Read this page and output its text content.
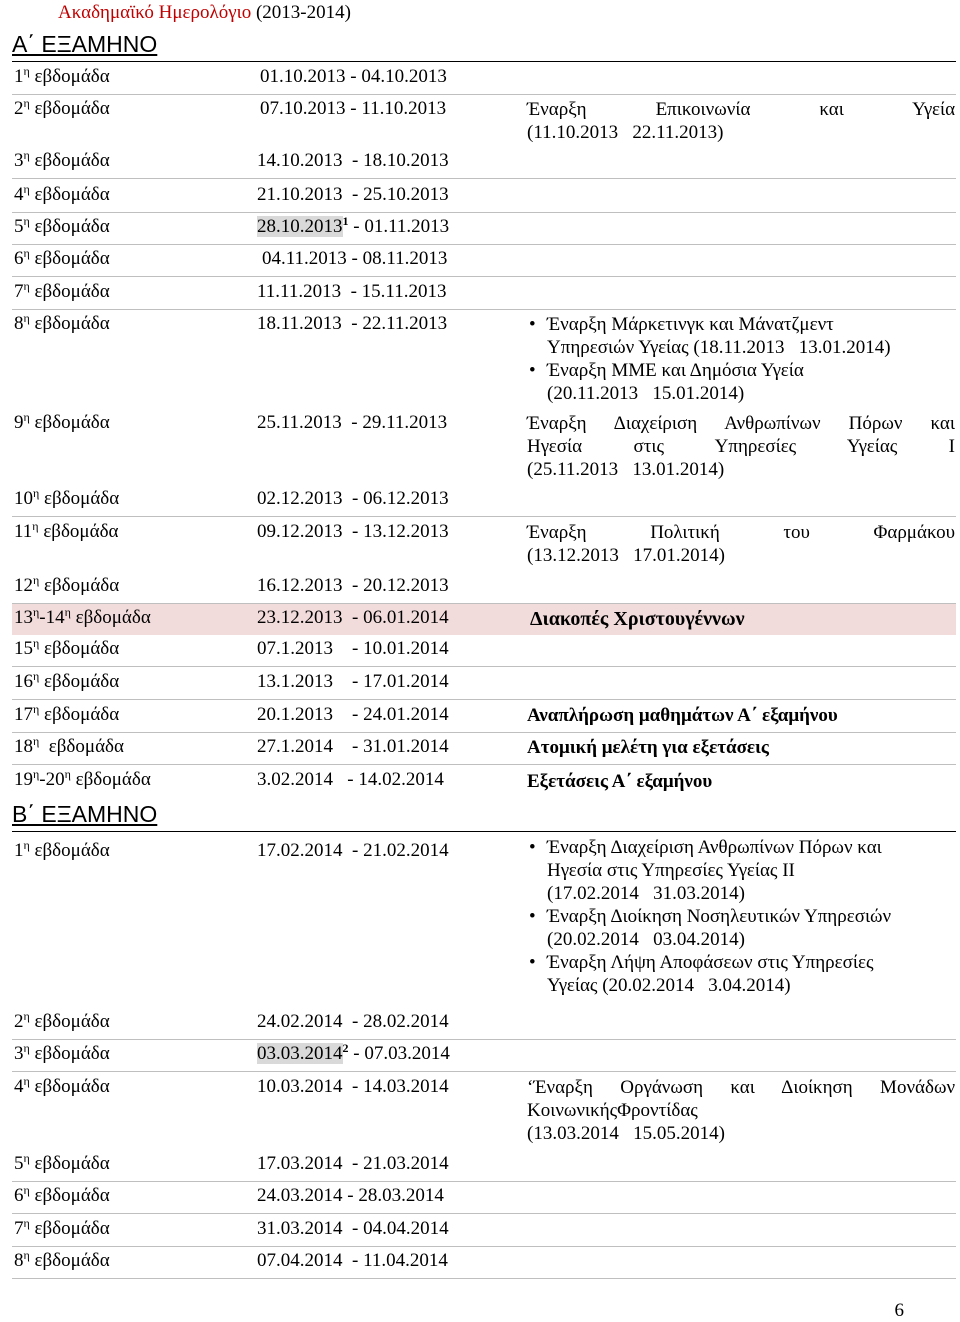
Ακαδημαϊκό Ημερολόγιο (2013-2014)
Α΄ ΕΞΑΜΗΝΟ
$1^\eta$ εβδομάδα	01.10.2013 - 04.10.2013
$2^\eta$ εβδομάδα	07.10.2013 - 11.10.2013	Έναρξη	Επικοινωνία	και	Υγεία

(11.10.2013   22.11.2013)

$3^\eta$ εβδομάδα	14.10.2013  - 18.10.2013
$4^\eta$ εβδομάδα	21.10.2013  - 25.10.2013
$5^\eta$ εβδομάδα	28.10.2013$^1$ - 01.11.2013
$6^\eta$ εβδομάδα	04.11.2013 - 08.11.2013
$7^\eta$ εβδομάδα	11.11.2013  - 15.11.2013
$8^\eta$ εβδομάδα	18.11.2013  - 22.11.2013	• Έναρξη Μάρκετινγκ και Μάνατζμεντ
Υπηρεσιών Υγείας (18.11.2013   13.01.2014)
• Έναρξη ΜΜΕ και Δημόσια Υγεία
(20.11.2013   15.01.2014)
$9^\eta$ εβδομάδα	25.11.2013  - 29.11.2013	Έναρξη Διαχείριση Ανθρωπίνων Πόρων και

Ηγεσία	στις	Υπηρεσίες	Υγείας	Ι

(25.11.2013   13.01.2014)

$10^\eta$ εβδομάδα	02.12.2013  - 06.12.2013
$11^\eta$ εβδομάδα	09.12.2013  - 13.12.2013	Έναρξη	Πολιτική	του	Φαρμάκου

(13.12.2013   17.01.2014)

$12^\eta$ εβδομάδα	16.12.2013  - 20.12.2013
$13^\eta-14^\eta$ εβδομάδα	23.12.2013  - 06.01.2014	Διακοπές Χριστουγέννων
$15^\eta$ εβδομάδα	07.1.2013    - 10.01.2014
$16^\eta$ εβδομάδα	13.1.2013    - 17.01.2014
$17^\eta$ εβδομάδα	20.1.2013    - 24.01.2014	Αναπλήρωση μαθημάτων Α΄ εξαμήνου
$18^\eta$ εβδομάδα	27.1.2014    - 31.01.2014	Ατομική μελέτη για εξετάσεις
$19^\eta-20^\eta$ εβδομάδα	3.02.2014   - 14.02.2014	Εξετάσεις Α΄ εξαμήνου
Β΄ ΕΞΑΜΗΝΟ
$1^\eta$ εβδομάδα	17.02.2014  - 21.02.2014	• Έναρξη Διαχείριση Ανθρωπίνων Πόρων και
Ηγεσία στις Υπηρεσίες Υγείας ΙΙ
(17.02.2014   31.03.2014)
• Έναρξη Διοίκηση Νοσηλευτικών Υπηρεσιών
(20.02.2014   03.04.2014)
• Έναρξη Λήψη Αποφάσεων στις Υπηρεσίες
Υγείας (20.02.2014   3.04.2014)
$2^\eta$ εβδομάδα	24.02.2014  - 28.02.2014
$3^\eta$ εβδομάδα	03.03.2014$^2$ - 07.03.2014
$4^\eta$ εβδομάδα	10.03.2014  - 14.03.2014	‘Έναρξη Οργάνωση και Διοίκηση Μονάδων

ΚοινωνικήςΦροντίδας

(13.03.2014   15.05.2014)

$5^\eta$ εβδομάδα	17.03.2014  - 21.03.2014
$6^\eta$ εβδομάδα	24.03.2014 - 28.03.2014
$7^\eta$ εβδομάδα	31.03.2014  - 04.04.2014
$8^\eta$ εβδομάδα	07.04.2014  - 11.04.2014
6
